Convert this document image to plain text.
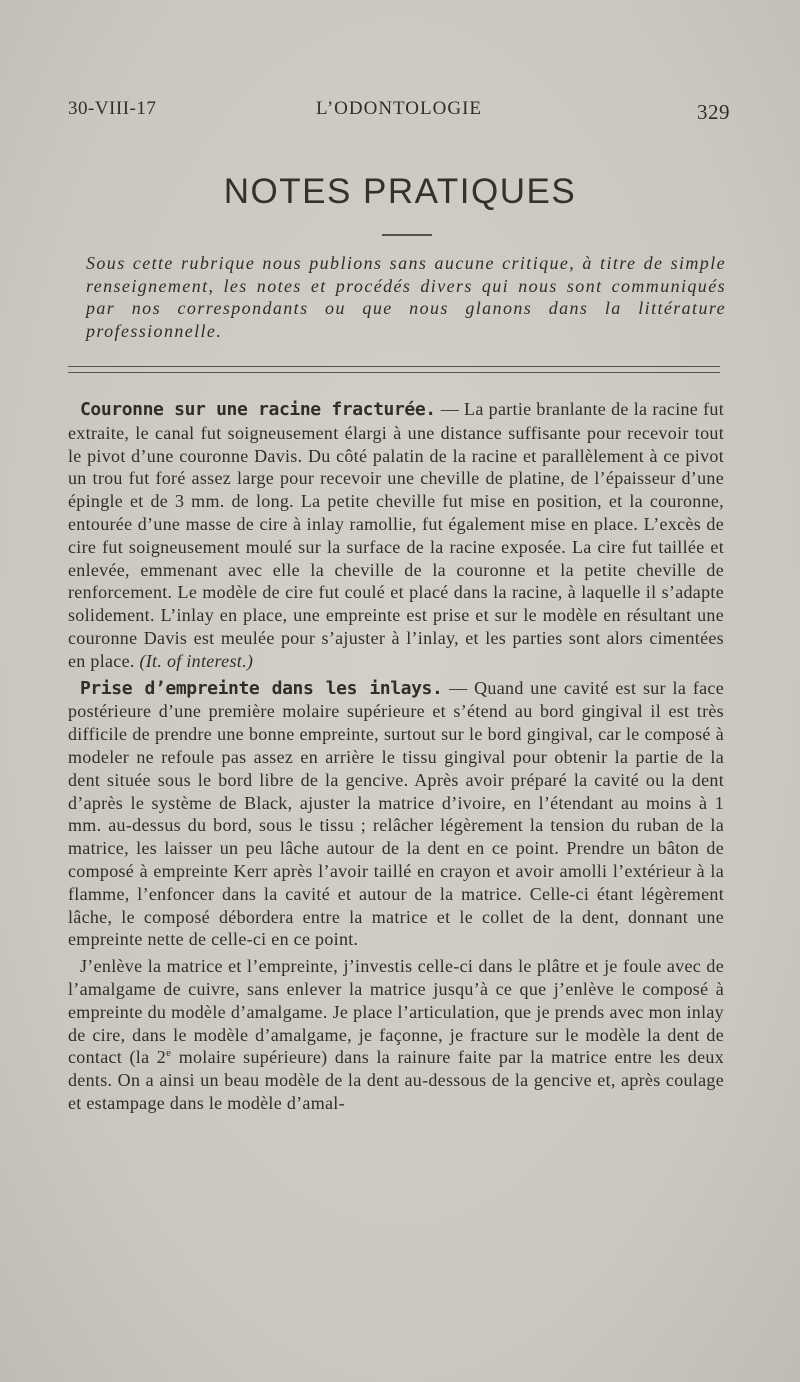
30-VIII-17	L’ODONTOLOGIE	329
NOTES PRATIQUES
Sous cette rubrique nous publions sans aucune critique, à titre de simple renseignement, les notes et procédés divers qui nous sont communiqués par nos correspondants ou que nous glanons dans la littérature professionnelle.

Couronne sur une racine fracturée. — La partie branlante de la racine fut extraite, le canal fut soigneusement élargi à une distance suffisante pour recevoir tout le pivot d’une couronne Davis. Du côté palatin de la racine et parallèlement à ce pivot un trou fut foré assez large pour recevoir une cheville de platine, de l’épaisseur d’une épingle et de 3 mm. de long. La petite cheville fut mise en position, et la couronne, entourée d’une masse de cire à inlay ramollie, fut également mise en place. L’excès de cire fut soigneusement moulé sur la surface de la racine exposée. La cire fut taillée et enlevée, emmenant avec elle la cheville de la couronne et la petite cheville de renforcement. Le modèle de cire fut coulé et placé dans la racine, à laquelle il s’adapte solidement. L’inlay en place, une empreinte est prise et sur le modèle en résultant une couronne Davis est meulée pour s’ajuster à l’inlay, et les parties sont alors cimentées en place. (It. of interest.)

Prise d’empreinte dans les inlays. — Quand une cavité est sur la face postérieure d’une première molaire supérieure et s’étend au bord gingival il est très difficile de prendre une bonne empreinte, surtout sur le bord gingival, car le composé à modeler ne refoule pas assez en arrière le tissu gingival pour obtenir la partie de la dent située sous le bord libre de la gencive. Après avoir préparé la cavité ou la dent d’après le système de Black, ajuster la matrice d’ivoire, en l’étendant au moins à 1 mm. au-dessus du bord, sous le tissu ; relâcher légèrement la tension du ruban de la matrice, les laisser un peu lâche autour de la dent en ce point. Prendre un bâton de composé à empreinte Kerr après l’avoir taillé en crayon et avoir amolli l’extérieur à la flamme, l’enfoncer dans la cavité et autour de la matrice. Celle-ci étant légèrement lâche, le composé débordera entre la matrice et le collet de la dent, donnant une empreinte nette de celle-ci en ce point.

J’enlève la matrice et l’empreinte, j’investis celle-ci dans le plâtre et je foule avec de l’amalgame de cuivre, sans enlever la matrice jusqu’à ce que j’enlève le composé à empreinte du modèle d’amalgame. Je place l’articulation, que je prends avec mon inlay de cire, dans le modèle d’amalgame, je façonne, je fracture sur le modèle la dent de contact (la 2e molaire supérieure) dans la rainure faite par la matrice entre les deux dents. On a ainsi un beau modèle de la dent au-dessous de la gencive et, après coulage et estampage dans le modèle d’amal-
